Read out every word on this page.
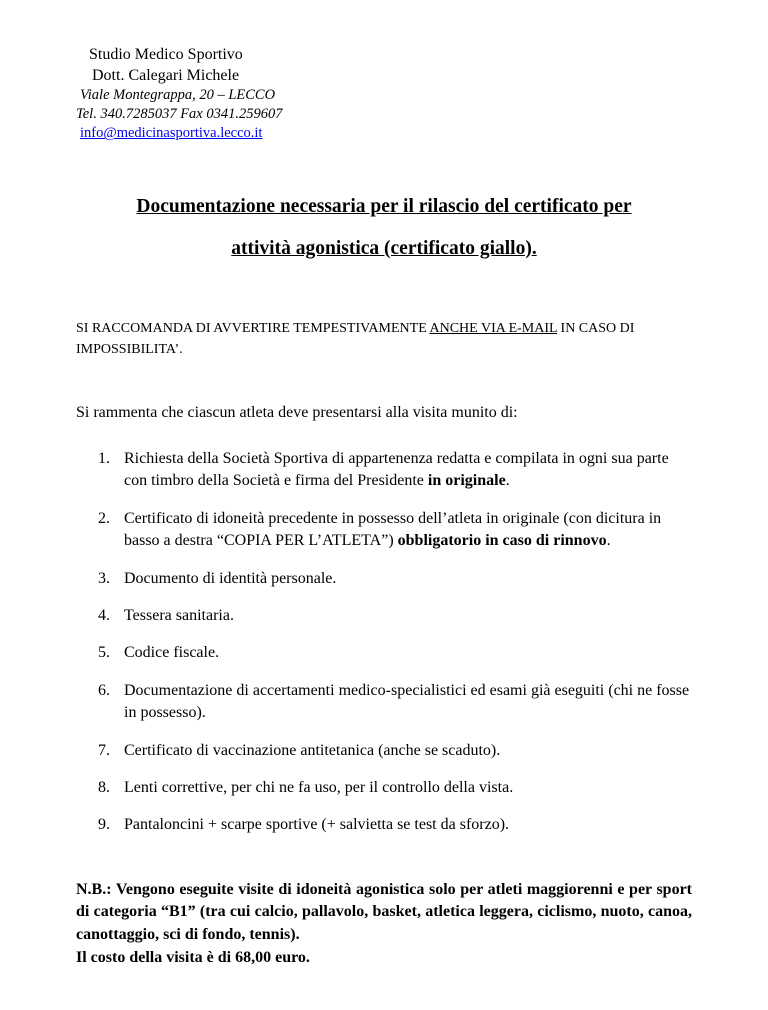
Studio Medico Sportivo
Dott. Calegari Michele
Viale Montegrappa, 20 – LECCO
Tel. 340.7285037 Fax 0341.259607
info@medicinasportiva.lecco.it
Documentazione necessaria per il rilascio del certificato per
attività agonistica (certificato giallo).

SI RACCOMANDA DI AVVERTIRE TEMPESTIVAMENTE ANCHE VIA E-MAIL IN CASO DI IMPOSSIBILITA’.

Si rammenta che ciascun atleta deve presentarsi alla visita munito di:

1. Richiesta della Società Sportiva di appartenenza redatta e compilata in ogni sua parte con timbro della Società e firma del Presidente in originale.
2. Certificato di idoneità precedente in possesso dell’atleta in originale (con dicitura in basso a destra “COPIA PER L’ATLETA”) obbligatorio in caso di rinnovo.
3. Documento di identità personale.
4. Tessera sanitaria.
5. Codice fiscale.
6. Documentazione di accertamenti medico-specialistici ed esami già eseguiti (chi ne fosse in possesso).
7. Certificato di vaccinazione antitetanica (anche se scaduto).
8. Lenti correttive, per chi ne fa uso, per il controllo della vista.
9. Pantaloncini + scarpe sportive (+ salvietta se test da sforzo).
N.B.: Vengono eseguite visite di idoneità agonistica solo per atleti maggiorenni e per sport di categoria “B1” (tra cui calcio, pallavolo, basket, atletica leggera, ciclismo, nuoto, canoa, canottaggio, sci di fondo, tennis).
Il costo della visita è di 68,00 euro.
